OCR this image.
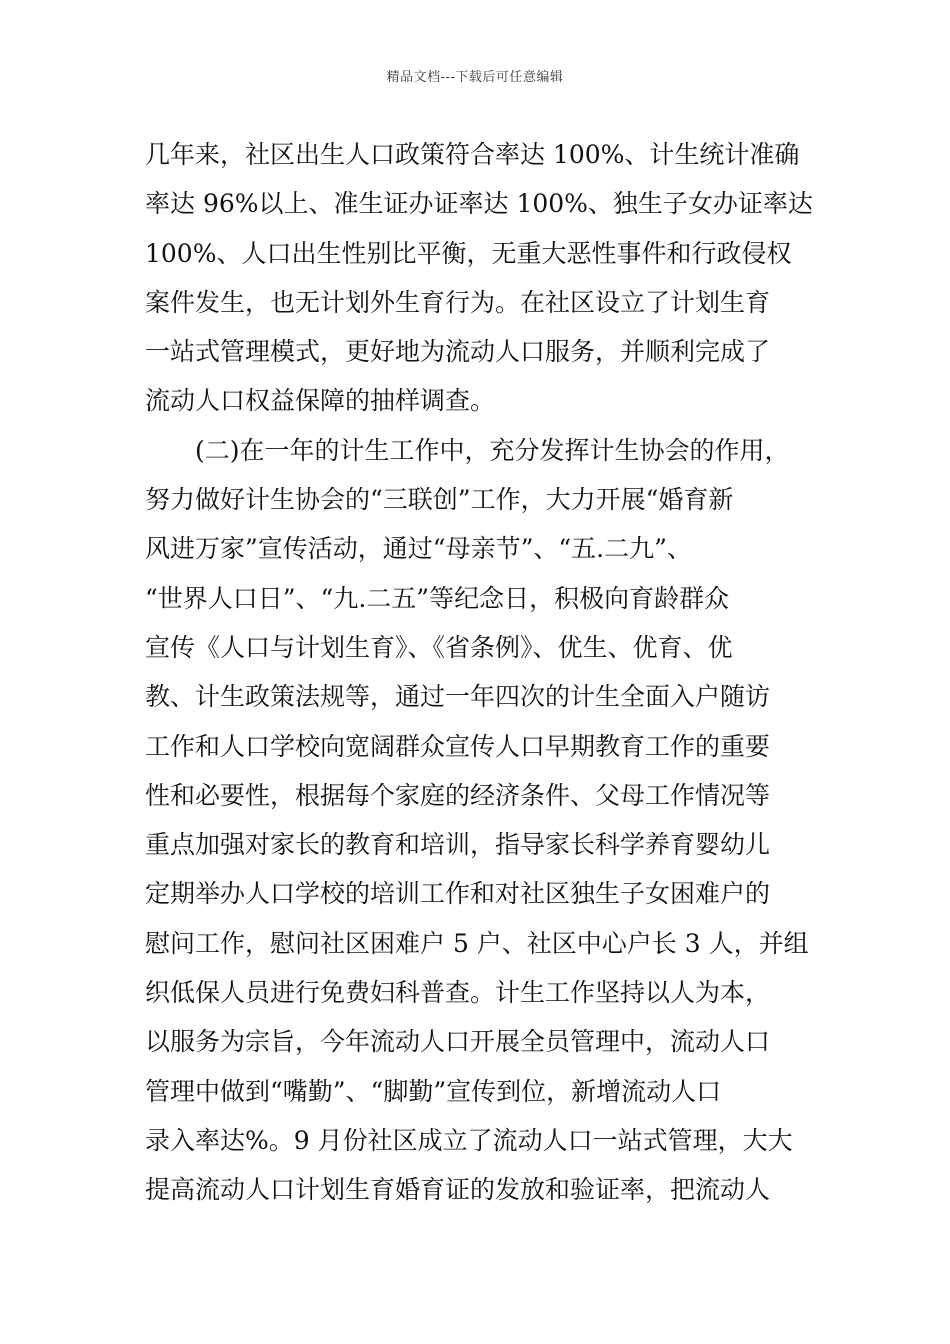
精品文档---下载后可任意编辑
几年来，社区出生人口政策符合率达 100%、计生统计准确
率达 96%以上、准生证办证率达 100%、独生子女办证率达
100%、人口出生性别比平衡，无重大恶性事件和行政侵权
案件发生，也无计划外生育行为。在社区设立了计划生育
一站式管理模式，更好地为流动人口服务，并顺利完成了
流动人口权益保障的抽样调查。
　　(二)在一年的计生工作中，充分发挥计生协会的作用，
努力做好计生协会的“三联创”工作，大力开展“婚育新
风进万家”宣传活动，通过“母亲节”、“五.二九”、
“世界人口日”、“九.二五”等纪念日，积极向育龄群众
宣传《人口与计划生育》、《省条例》、优生、优育、优
教、计生政策法规等，通过一年四次的计生全面入户随访
工作和人口学校向宽阔群众宣传人口早期教育工作的重要
性和必要性，根据每个家庭的经济条件、父母工作情况等
重点加强对家长的教育和培训，指导家长科学养育婴幼儿
定期举办人口学校的培训工作和对社区独生子女困难户的
慰问工作，慰问社区困难户 5 户、社区中心户长 3 人，并组
织低保人员进行免费妇科普查。计生工作坚持以人为本，
以服务为宗旨，今年流动人口开展全员管理中，流动人口
管理中做到“嘴勤”、“脚勤”宣传到位，新增流动人口
录入率达%。9 月份社区成立了流动人口一站式管理，大大
提高流动人口计划生育婚育证的发放和验证率，把流动人
